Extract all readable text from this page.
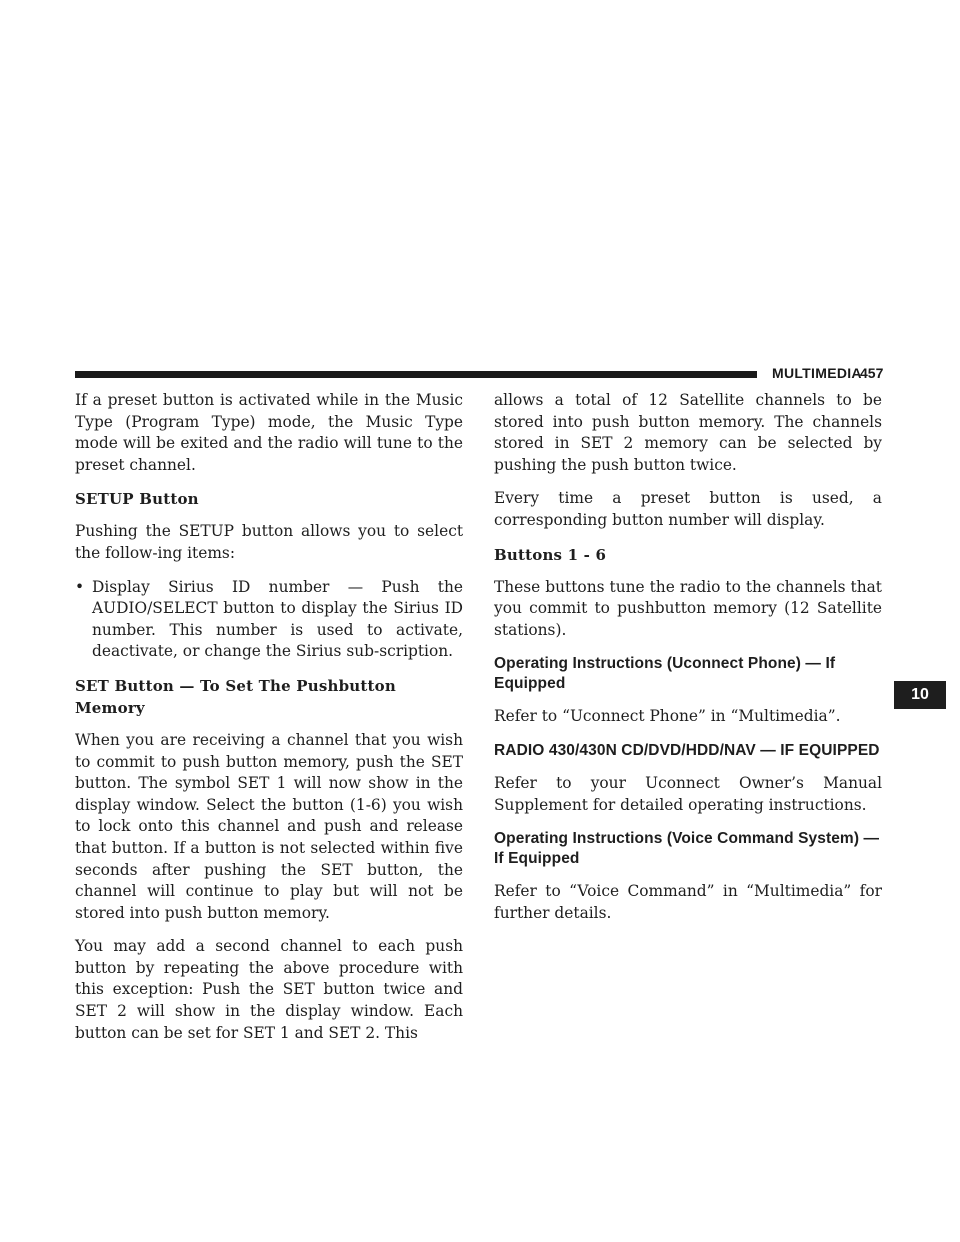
MULTIMEDIA
457
10

If a preset button is activated while in the Music Type (Program Type) mode, the Music Type mode will be exited and the radio will tune to the preset channel.

SETUP Button

Pushing the SETUP button allows you to select the follow-ing items:

• Display Sirius ID number — Push the AUDIO/SELECT button to display the Sirius ID number. This number is used to activate, deactivate, or change the Sirius sub-scription.
SET Button — To Set The Pushbutton Memory

When you are receiving a channel that you wish to commit to push button memory, push the SET button. The symbol SET 1 will now show in the display window. Select the button (1-6) you wish to lock onto this channel and push and release that button. If a button is not selected within five seconds after pushing the SET button, the channel will continue to play but will not be stored into push button memory.

You may add a second channel to each push button by repeating the above procedure with this exception: Push the SET button twice and SET 2 will show in the display window. Each button can be set for SET 1 and SET 2. This

allows a total of 12 Satellite channels to be stored into push button memory. The channels stored in SET 2 memory can be selected by pushing the push button twice.

Every time a preset button is used, a corresponding button number will display.

Buttons 1 - 6

These buttons tune the radio to the channels that you commit to pushbutton memory (12 Satellite stations).

Operating Instructions (Uconnect Phone) — If Equipped

Refer to “Uconnect Phone” in “Multimedia”.

RADIO 430/430N CD/DVD/HDD/NAV — IF EQUIPPED

Refer to your Uconnect Owner’s Manual Supplement for detailed operating instructions.

Operating Instructions (Voice Command System) — If Equipped

Refer to “Voice Command” in “Multimedia” for further details.
